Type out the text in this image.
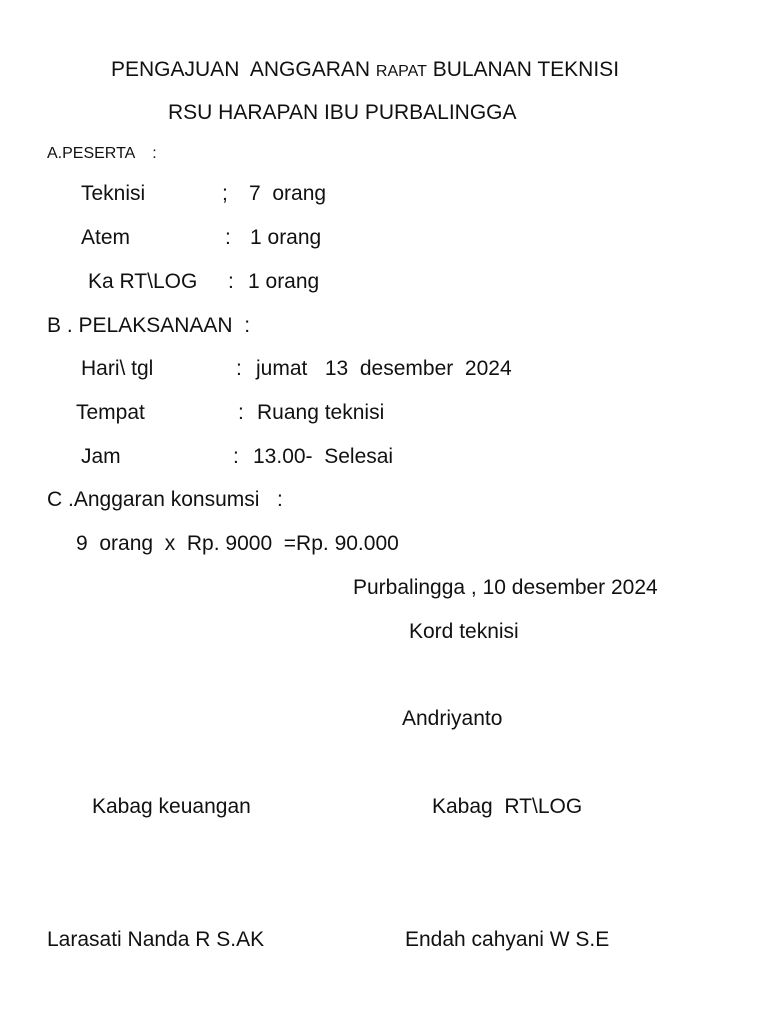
PENGAJUAN  ANGGARAN RAPAT BULANAN TEKNISI
RSU HARAPAN IBU PURBALINGGA
A.PESERTA    :
Teknisi	; 7  orang
Atem	: 1 orang
Ka RT\LOG : 1 orang
B . PELAKSANAAN  :
Hari\ tgl	: jumat   13  desember  2024
Tempat	: Ruang teknisi
Jam	: 13.00-  Selesai
C .Anggaran konsumsi   :
9  orang  x  Rp. 9000  =Rp. 90.000
Purbalingga , 10 desember 2024
Kord teknisi
Andriyanto
Kabag keuangan	Kabag  RT\LOG
Larasati Nanda R S.AK	Endah cahyani W S.E
